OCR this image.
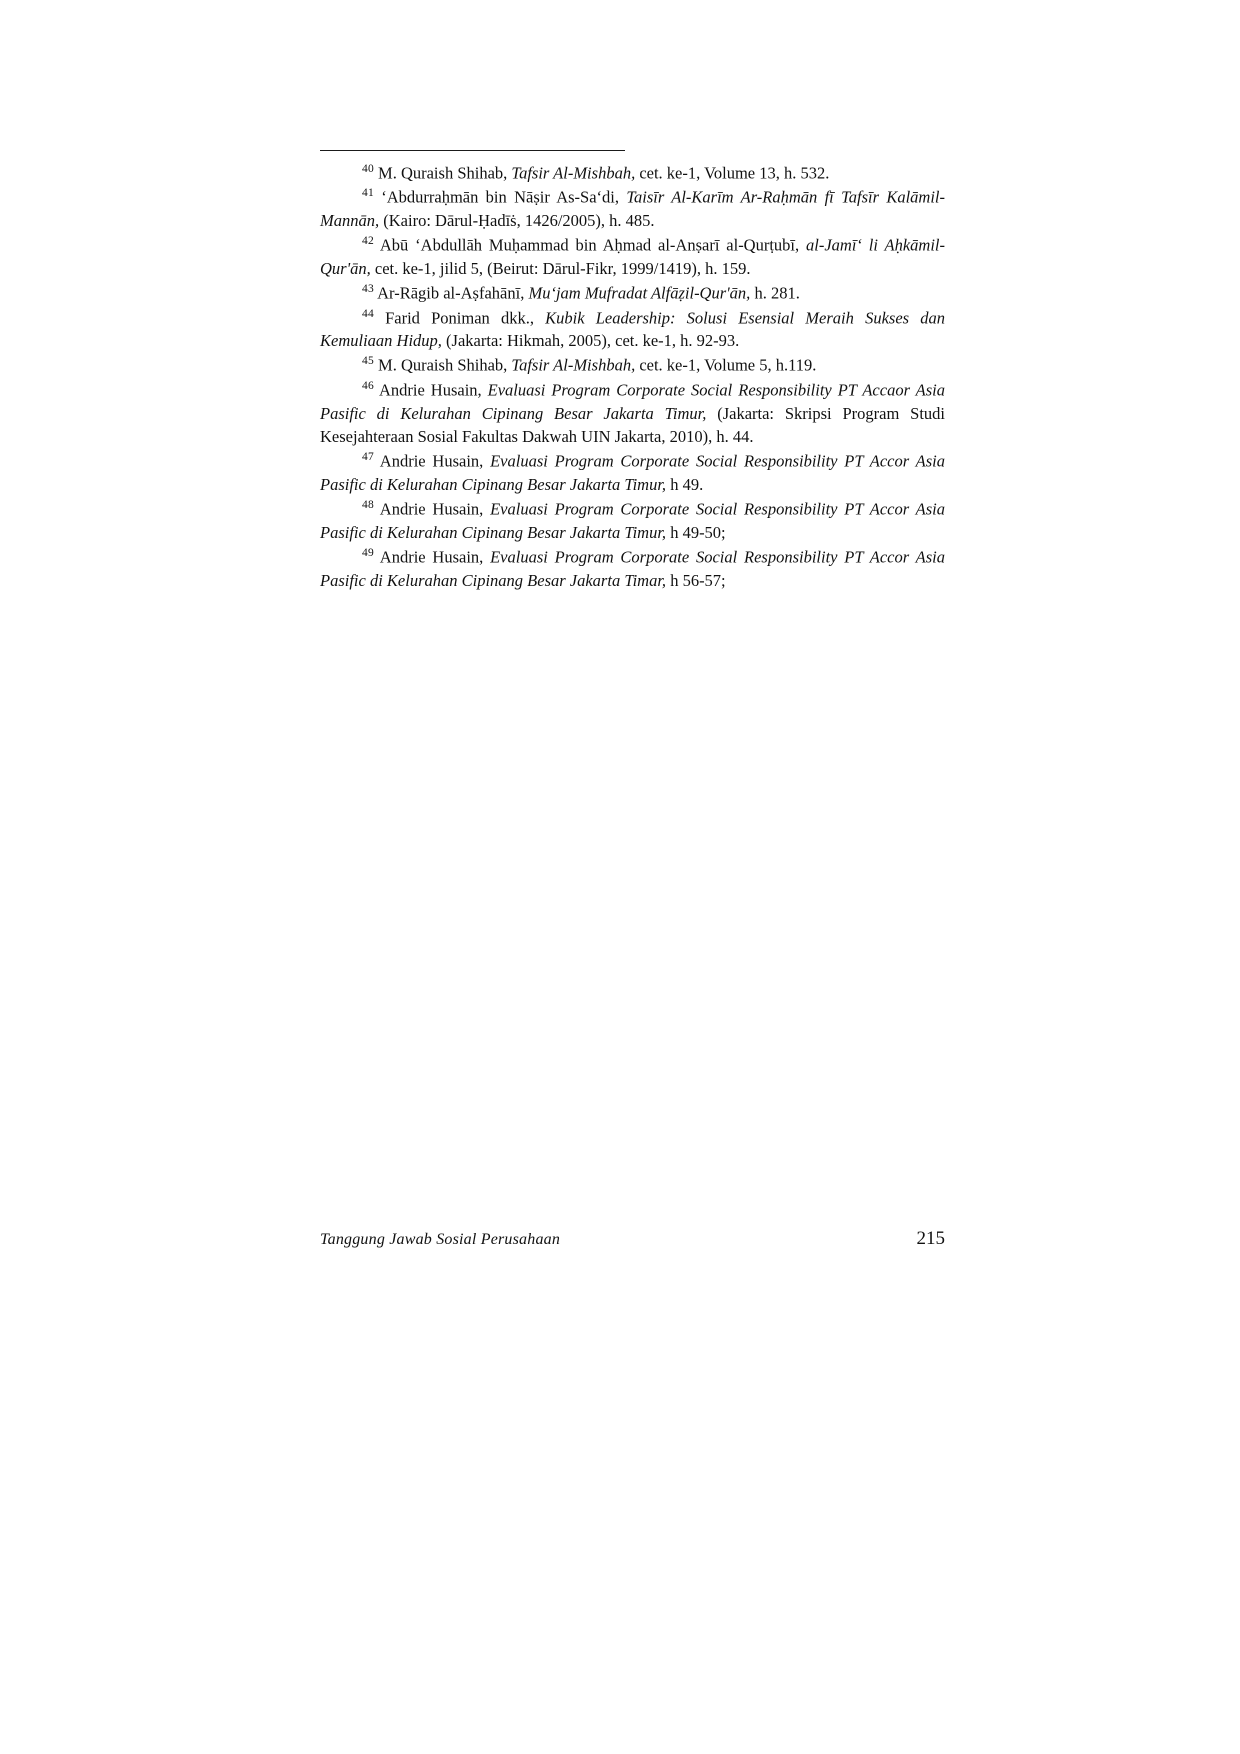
$^{40}$ M. Quraish Shihab, Tafsir Al-Mishbah, cet. ke-1, Volume 13, h. 532.

$^{41}$ ‘Abdurraḥmān bin Nāṣir As-Sa‘di, Taisīr Al-Karīm Ar-Raḥmān fī Tafsīr Kalāmil-Mannān, (Kairo: Dārul-Ḥadīṡ, 1426/2005), h. 485.

$^{42}$ Abū ‘Abdullāh Muḥammad bin Aḥmad al-Anṣarī al-Qurṭubī, al-Jamī‘ li Aḥkāmil-Qur'ān, cet. ke-1, jilid 5, (Beirut: Dārul-Fikr, 1999/1419), h. 159.

$^{43}$ Ar-Rāgib al-Aṣfahānī, Mu‘jam Mufradat Alfāẓil-Qur'ān, h. 281.

$^{44}$ Farid Poniman dkk., Kubik Leadership: Solusi Esensial Meraih Sukses dan Kemuliaan Hidup, (Jakarta: Hikmah, 2005), cet. ke-1, h. 92-93.

$^{45}$ M. Quraish Shihab, Tafsir Al-Mishbah, cet. ke-1, Volume 5, h.119.

$^{46}$ Andrie Husain, Evaluasi Program Corporate Social Responsibility PT Accaor Asia Pasific di Kelurahan Cipinang Besar Jakarta Timur, (Jakarta: Skripsi Program Studi Kesejahteraan Sosial Fakultas Dakwah UIN Jakarta, 2010), h. 44.

$^{47}$ Andrie Husain, Evaluasi Program Corporate Social Responsibility PT Accor Asia Pasific di Kelurahan Cipinang Besar Jakarta Timur, h 49.

$^{48}$ Andrie Husain, Evaluasi Program Corporate Social Responsibility PT Accor Asia Pasific di Kelurahan Cipinang Besar Jakarta Timur, h 49-50;

$^{49}$ Andrie Husain, Evaluasi Program Corporate Social Responsibility PT Accor Asia Pasific di Kelurahan Cipinang Besar Jakarta Timar, h 56-57;

Tanggung Jawab Sosial Perusahaan	215
